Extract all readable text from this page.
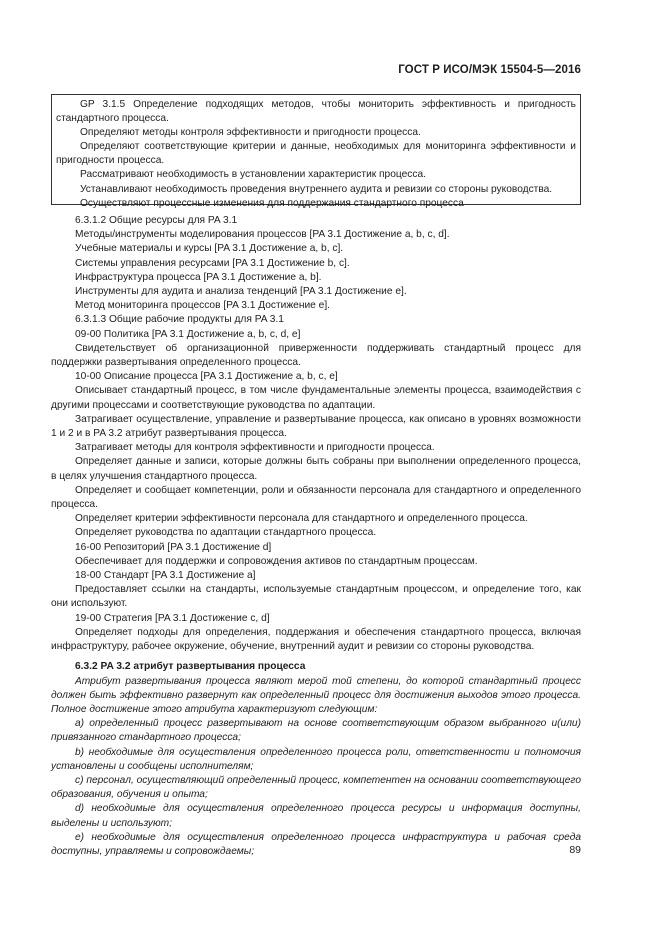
ГОСТ Р ИСО/МЭК 15504-5—2016

GP 3.1.5 Определение подходящих методов, чтобы мониторить эффективность и пригодность стандартного процесса.

Определяют методы контроля эффективности и пригодности процесса.

Определяют соответствующие критерии и данные, необходимых для мониторинга эффективности и пригодности процесса.

Рассматривают необходимость в установлении характеристик процесса.

Устанавливают необходимость проведения внутреннего аудита и ревизии со стороны руководства.

Осуществляют процессные изменения для поддержания стандартного процесса

6.3.1.2 Общие ресурсы для PA 3.1

Методы/инструменты моделирования процессов [PA 3.1 Достижение a, b, c, d].

Учебные материалы и курсы [PA 3.1 Достижение a, b, c].

Системы управления ресурсами [PA 3.1 Достижение b, c].

Инфраструктура процесса [PA 3.1 Достижение a, b].

Инструменты для аудита и анализа тенденций [PA 3.1 Достижение e].

Метод мониторинга процессов [PA 3.1 Достижение e].

6.3.1.3 Общие рабочие продукты для PA 3.1

09-00 Политика [PA 3.1 Достижение a, b, c, d, e]

Свидетельствует об организационной приверженности поддерживать стандартный процесс для поддержки развертывания определенного процесса.

10-00 Описание процесса [PA 3.1 Достижение a, b, c, e]

Описывает стандартный процесс, в том числе фундаментальные элементы процесса, взаимодействия с другими процессами и соответствующие руководства по адаптации.

Затрагивает осуществление, управление и развертывание процесса, как описано в уровнях возможности 1 и 2 и в PA 3.2 атрибут развертывания процесса.

Затрагивает методы для контроля эффективности и пригодности процесса.

Определяет данные и записи, которые должны быть собраны при выполнении определенного процесса, в целях улучшения стандартного процесса.

Определяет и сообщает компетенции, роли и обязанности персонала для стандартного и определенного процесса.

Определяет критерии эффективности персонала для стандартного и определенного процесса.

Определяет руководства по адаптации стандартного процесса.

16-00 Репозиторий [PA 3.1 Достижение d]

Обеспечивает для поддержки и сопровождения активов по стандартным процессам.

18-00 Стандарт [PA 3.1 Достижение a]

Предоставляет ссылки на стандарты, используемые стандартным процессом, и определение того, как они используют.

19-00 Стратегия [PA 3.1 Достижение c, d]

Определяет подходы для определения, поддержания и обеспечения стандартного процесса, включая инфраструктуру, рабочее окружение, обучение, внутренний аудит и ревизии со стороны руководства.

6.3.2 PA 3.2 атрибут развертывания процесса

Атрибут развертывания процесса являют мерой той степени, до которой стандартный процесс должен быть эффективно развернут как определенный процесс для достижения выходов этого процесса. Полное достижение этого атрибута характеризуют следующим:

a) определенный процесс развертывают на основе соответствующим образом выбранного и(или) привязанного стандартного процесса;

b) необходимые для осуществления определенного процесса роли, ответственности и полномочия установлены и сообщены исполнителям;

c) персонал, осуществляющий определенный процесс, компетентен на основании соответствующего образования, обучения и опыта;

d) необходимые для осуществления определенного процесса ресурсы и информация доступны, выделены и используют;

e) необходимые для осуществления определенного процесса инфраструктура и рабочая среда доступны, управляемы и сопровождаемы;	89
